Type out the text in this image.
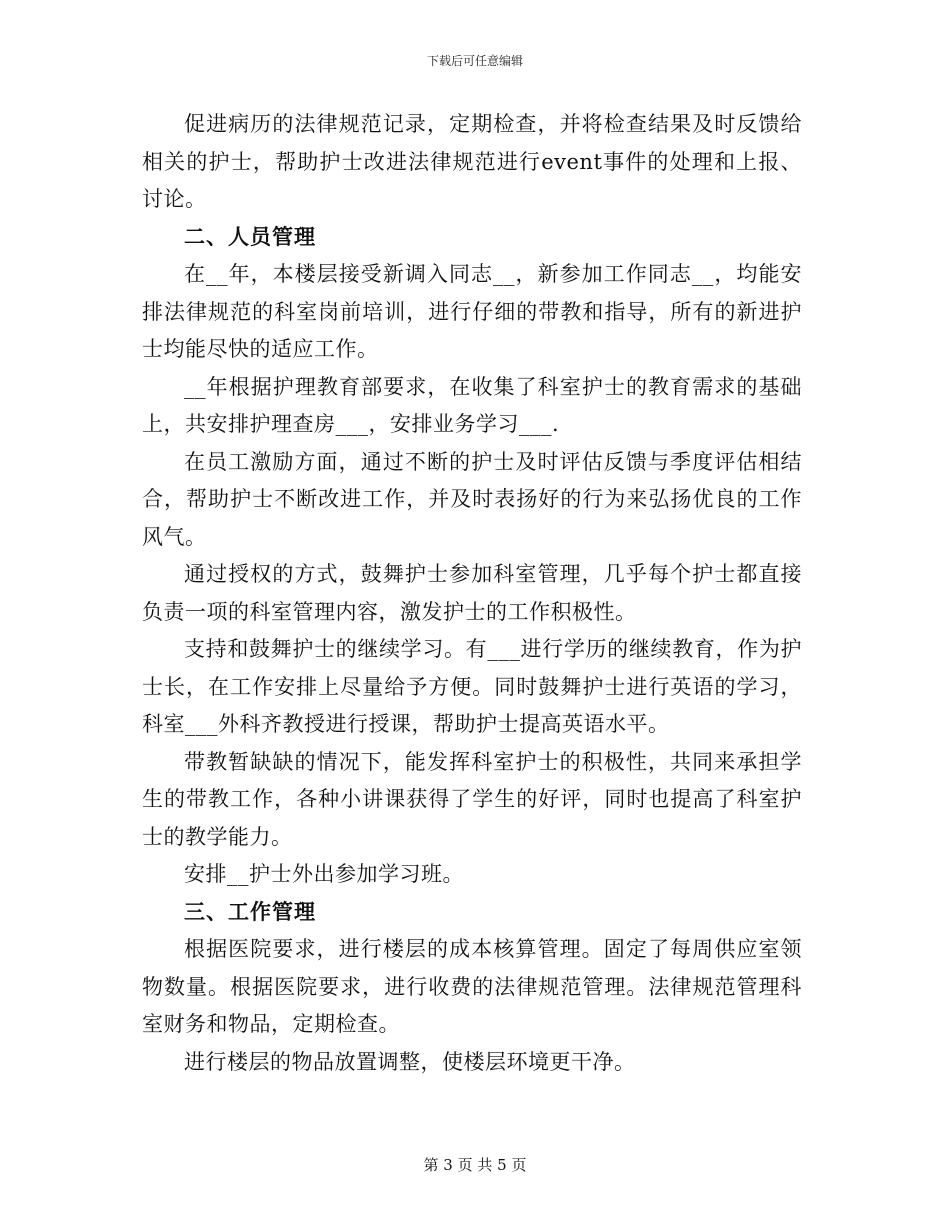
下载后可任意编辑

促进病历的法律规范记录，定期检查，并将检查结果及时反馈给相关的护士，帮助护士改进法律规范进行event事件的处理和上报、讨论。

二、人员管理

在__年，本楼层接受新调入同志__，新参加工作同志__，均能安排法律规范的科室岗前培训，进行仔细的带教和指导，所有的新进护士均能尽快的适应工作。

__年根据护理教育部要求，在收集了科室护士的教育需求的基础上，共安排护理查房___，安排业务学习___.

在员工激励方面，通过不断的护士及时评估反馈与季度评估相结合，帮助护士不断改进工作，并及时表扬好的行为来弘扬优良的工作风气。

通过授权的方式，鼓舞护士参加科室管理，几乎每个护士都直接负责一项的科室管理内容，激发护士的工作积极性。

支持和鼓舞护士的继续学习。有___进行学历的继续教育，作为护士长，在工作安排上尽量给予方便。同时鼓舞护士进行英语的学习，科室___外科齐教授进行授课，帮助护士提高英语水平。

带教暂缺缺的情况下，能发挥科室护士的积极性，共同来承担学生的带教工作，各种小讲课获得了学生的好评，同时也提高了科室护士的教学能力。

安排__护士外出参加学习班。

三、工作管理

根据医院要求，进行楼层的成本核算管理。固定了每周供应室领物数量。根据医院要求，进行收费的法律规范管理。法律规范管理科室财务和物品，定期检查。

进行楼层的物品放置调整，使楼层环境更干净。

第 3 页 共 5 页
